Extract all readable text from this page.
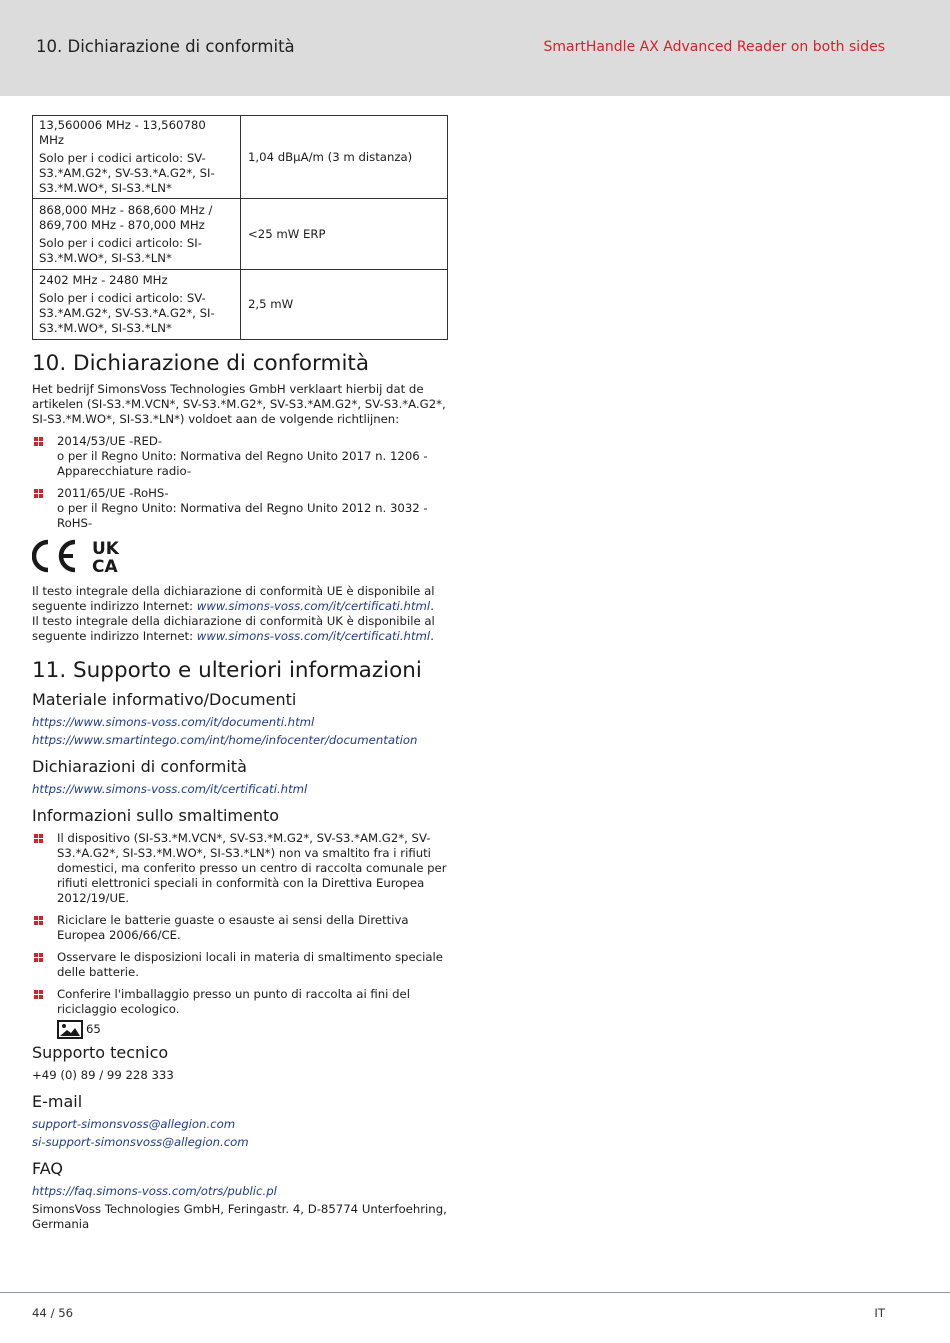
10. Dichiarazione di conformità	SmartHandle AX Advanced Reader on both sides
13,560006 MHz - 13,560780 MHz
Solo per i codici articolo: SV-S3.*AM.G2*, SV-S3.*A.G2*, SI-S3.*M.WO*, SI-S3.*LN*	1,04 dBµA/m (3 m distanza)

868,000 MHz - 868,600 MHz / 869,700 MHz - 870,000 MHz
Solo per i codici articolo: SI-S3.*M.WO*, SI-S3.*LN*	<25 mW ERP

2402 MHz - 2480 MHz
Solo per i codici articolo: SV-S3.*AM.G2*, SV-S3.*A.G2*, SI-S3.*M.WO*, SI-S3.*LN*	2,5 mW
10. Dichiarazione di conformità

Het bedrijf SimonsVoss Technologies GmbH verklaart hierbij dat de artikelen (SI-S3.*M.VCN*, SV-S3.*M.G2*, SV-S3.*AM.G2*, SV-S3.*A.G2*, SI-S3.*M.WO*, SI-S3.*LN*) voldoet aan de volgende richtlijnen:

2014/53/UE -RED-
o per il Regno Unito: Normativa del Regno Unito 2017 n. 1206 -Apparecchiature radio-
2011/65/UE -RoHS-
o per il Regno Unito: Normativa del Regno Unito 2012 n. 3032 -RoHS-
UK
CA

Il testo integrale della dichiarazione di conformità UE è disponibile al seguente indirizzo Internet: www.simons-voss.com/it/certificati.html.

Il testo integrale della dichiarazione di conformità UK è disponibile al seguente indirizzo Internet: www.simons-voss.com/it/certificati.html.

11. Supporto e ulteriori informazioni
Materiale informativo/Documenti

https://www.simons-voss.com/it/documenti.html

https://www.smartintego.com/int/home/infocenter/documentation

Dichiarazioni di conformità

https://www.simons-voss.com/it/certificati.html

Informazioni sullo smaltimento
Il dispositivo (SI-S3.*M.VCN*, SV-S3.*M.G2*, SV-S3.*AM.G2*, SV-S3.*A.G2*, SI-S3.*M.WO*, SI-S3.*LN*) non va smaltito fra i rifiuti domestici, ma conferito presso un centro di raccolta comunale per rifiuti elettronici speciali in conformità con la Direttiva Europea 2012/19/UE.
Riciclare le batterie guaste o esauste ai sensi della Direttiva Europea 2006/66/CE.
Osservare le disposizioni locali in materia di smaltimento speciale delle batterie.
Conferire l'imballaggio presso un punto di raccolta ai fini del riciclaggio ecologico.
65
Supporto tecnico

+49 (0) 89 / 99 228 333

E-mail

support-simonsvoss@allegion.com

si-support-simonsvoss@allegion.com

FAQ

https://faq.simons-voss.com/otrs/public.pl

SimonsVoss Technologies GmbH, Feringastr. 4, D-85774 Unterfoehring, Germania

44 / 56	IT
